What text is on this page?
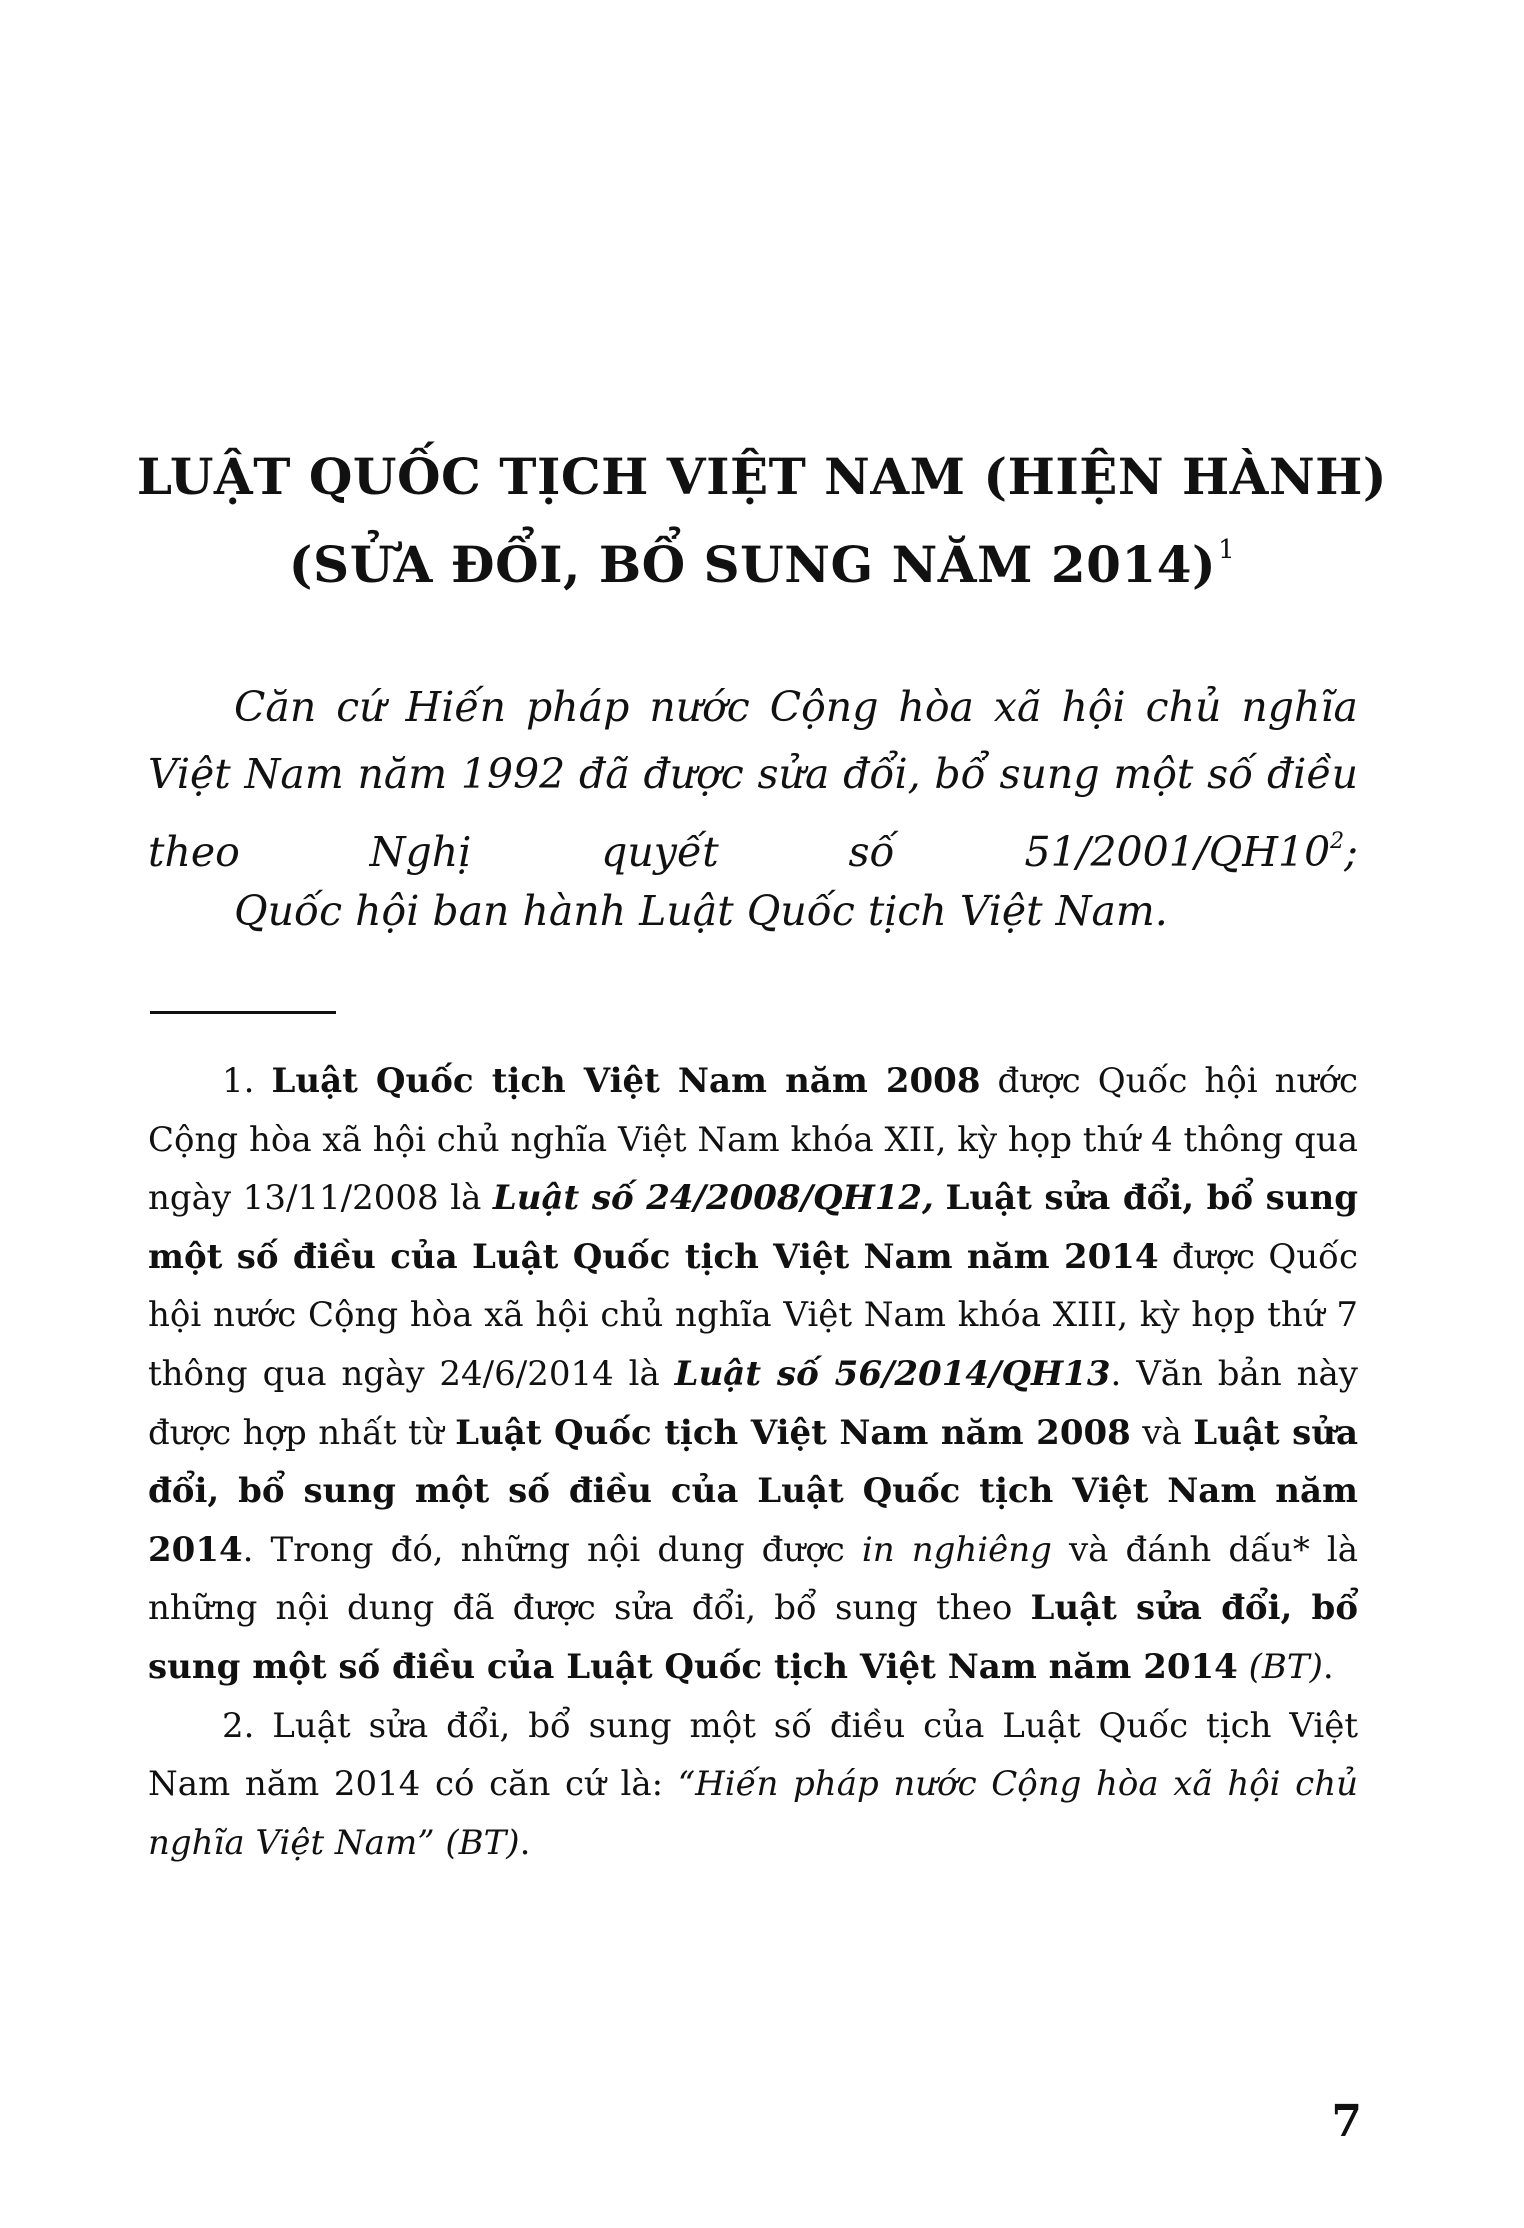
LUẬT QUỐC TỊCH VIỆT NAM (HIỆN HÀNH)
(SỬA ĐỔI, BỔ SUNG NĂM 2014)$^1$
Căn cứ Hiến pháp nước Cộng hòa xã hội chủ nghĩa Việt Nam năm 1992 đã được sửa đổi, bổ sung một số điều theo Nghị quyết số $51/2001/QH10^2$;
Quốc hội ban hành Luật Quốc tịch Việt Nam.

1. Luật Quốc tịch Việt Nam năm 2008 được Quốc hội nước Cộng hòa xã hội chủ nghĩa Việt Nam khóa XII, kỳ họp thứ 4 thông qua ngày 13/11/2008 là Luật số 24/2008/QH12, Luật sửa đổi, bổ sung một số điều của Luật Quốc tịch Việt Nam năm 2014 được Quốc hội nước Cộng hòa xã hội chủ nghĩa Việt Nam khóa XIII, kỳ họp thứ 7 thông qua ngày 24/6/2014 là Luật số 56/2014/QH13. Văn bản này được hợp nhất từ Luật Quốc tịch Việt Nam năm 2008 và Luật sửa đổi, bổ sung một số điều của Luật Quốc tịch Việt Nam năm 2014. Trong đó, những nội dung được in nghiêng và đánh dấu* là những nội dung đã được sửa đổi, bổ sung theo Luật sửa đổi, bổ sung một số điều của Luật Quốc tịch Việt Nam năm 2014 (BT).

2. Luật sửa đổi, bổ sung một số điều của Luật Quốc tịch Việt Nam năm 2014 có căn cứ là: “Hiến pháp nước Cộng hòa xã hội chủ nghĩa Việt Nam” (BT).

7
